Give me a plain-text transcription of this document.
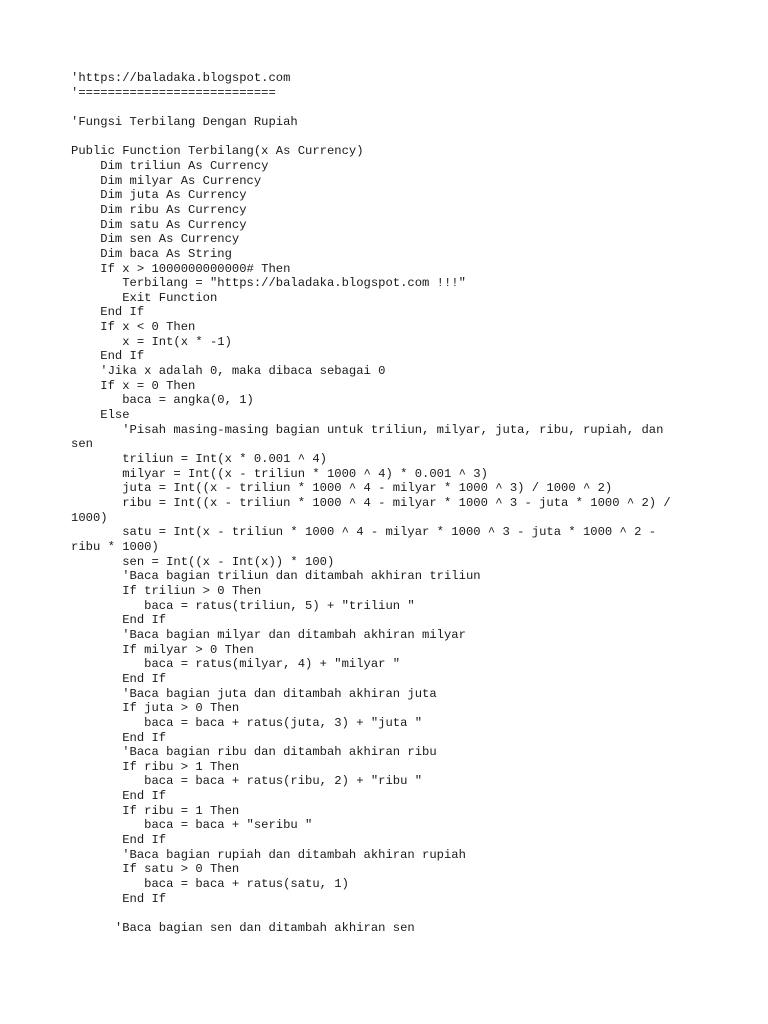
'https://baladaka.blogspot.com
'===========================
'Fungsi Terbilang Dengan Rupiah
Public Function Terbilang(x As Currency)
Dim triliun As Currency
Dim milyar As Currency
Dim juta As Currency
Dim ribu As Currency
Dim satu As Currency
Dim sen As Currency
Dim baca As String
If x > 1000000000000# Then
Terbilang = "https://baladaka.blogspot.com !!!"
Exit Function
End If
If x < 0 Then
x = Int(x * -1)
End If
'Jika x adalah 0, maka dibaca sebagai 0
If x = 0 Then
baca = angka(0, 1)
Else
'Pisah masing-masing bagian untuk triliun, milyar, juta, ribu, rupiah, dan
sen
triliun = Int(x * 0.001 ^ 4)
milyar = Int((x - triliun * 1000 ^ 4) * 0.001 ^ 3)
juta = Int((x - triliun * 1000 ^ 4 - milyar * 1000 ^ 3) / 1000 ^ 2)
ribu = Int((x - triliun * 1000 ^ 4 - milyar * 1000 ^ 3 - juta * 1000 ^ 2) /
1000)
satu = Int(x - triliun * 1000 ^ 4 - milyar * 1000 ^ 3 - juta * 1000 ^ 2 -
ribu * 1000)
sen = Int((x - Int(x)) * 100)
'Baca bagian triliun dan ditambah akhiran triliun
If triliun > 0 Then
baca = ratus(triliun, 5) + "triliun "
End If
'Baca bagian milyar dan ditambah akhiran milyar
If milyar > 0 Then
baca = ratus(milyar, 4) + "milyar "
End If
'Baca bagian juta dan ditambah akhiran juta
If juta > 0 Then
baca = baca + ratus(juta, 3) + "juta "
End If
'Baca bagian ribu dan ditambah akhiran ribu
If ribu > 1 Then
baca = baca + ratus(ribu, 2) + "ribu "
End If
If ribu = 1 Then
baca = baca + "seribu "
End If
'Baca bagian rupiah dan ditambah akhiran rupiah
If satu > 0 Then
baca = baca + ratus(satu, 1)
End If
'Baca bagian sen dan ditambah akhiran sen
